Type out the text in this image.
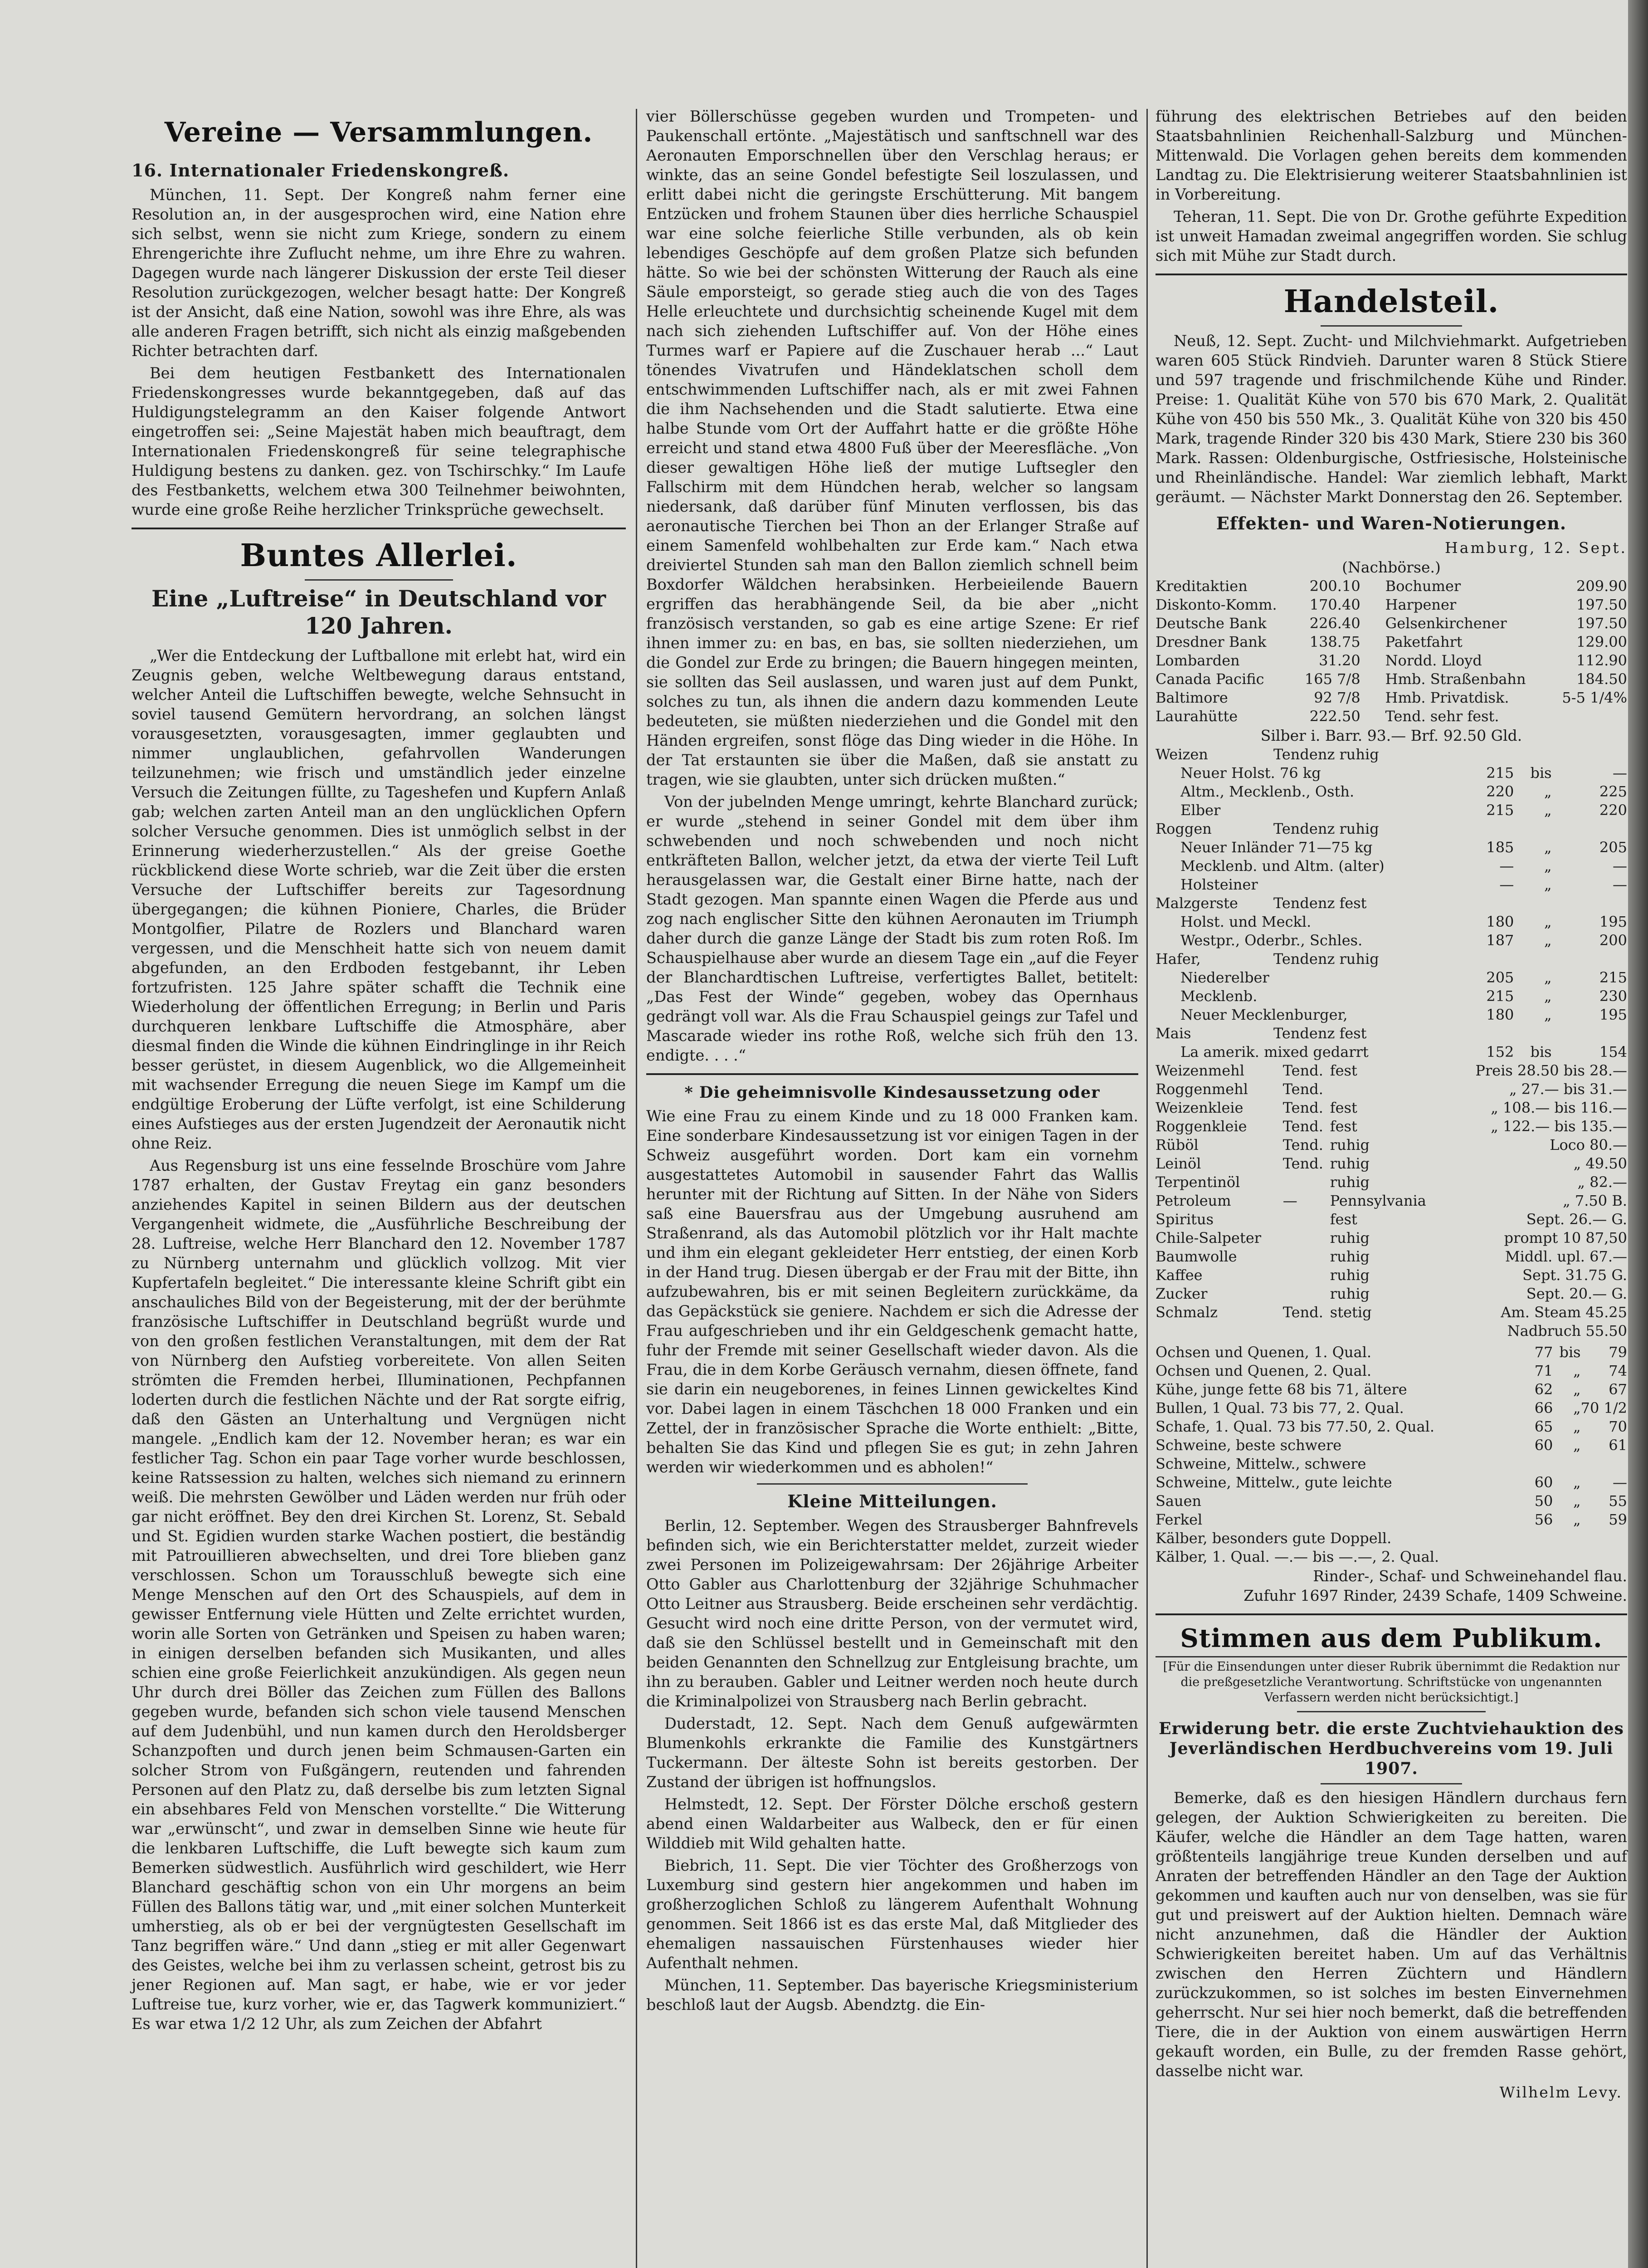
Vereine — Versammlungen.
16. Internationaler Friedenskongreß.

München, 11. Sept. Der Kongreß nahm ferner eine Resolution an, in der ausgesprochen wird, eine Nation ehre sich selbst, wenn sie nicht zum Kriege, sondern zu einem Ehrengerichte ihre Zuflucht nehme, um ihre Ehre zu wahren. Dagegen wurde nach längerer Diskussion der erste Teil dieser Resolution zurückgezogen, welcher besagt hatte: Der Kongreß ist der Ansicht, daß eine Nation, sowohl was ihre Ehre, als was alle anderen Fragen betrifft, sich nicht als einzig maßgebenden Richter betrachten darf.

Bei dem heutigen Festbankett des Internationalen Friedenskongresses wurde bekanntgegeben, daß auf das Huldigungstelegramm an den Kaiser folgende Antwort eingetroffen sei: „Seine Majestät haben mich beauftragt, dem Internationalen Friedenskongreß für seine telegraphische Huldigung bestens zu danken. gez. von Tschirschky.“ Im Laufe des Festbanketts, welchem etwa 300 Teilnehmer beiwohnten, wurde eine große Reihe herzlicher Trinksprüche gewechselt.

Buntes Allerlei.
Eine „Luftreise“ in Deutschland vor 120 Jahren.

„Wer die Entdeckung der Luftballone mit erlebt hat, wird ein Zeugnis geben, welche Weltbewegung daraus entstand, welcher Anteil die Luftschiffen bewegte, welche Sehnsucht in soviel tausend Gemütern hervordrang, an solchen längst vorausgesetzten, vorausgesagten, immer geglaubten und nimmer unglaublichen, gefahrvollen Wanderungen teilzunehmen; wie frisch und umständlich jeder einzelne Versuch die Zeitungen füllte, zu Tageshefen und Kupfern Anlaß gab; welchen zarten Anteil man an den unglücklichen Opfern solcher Versuche genommen. Dies ist unmöglich selbst in der Erinnerung wiederherzustellen.“ Als der greise Goethe rückblickend diese Worte schrieb, war die Zeit über die ersten Versuche der Luftschiffer bereits zur Tagesordnung übergegangen; die kühnen Pioniere, Charles, die Brüder Montgolfier, Pilatre de Rozlers und Blanchard waren vergessen, und die Menschheit hatte sich von neuem damit abgefunden, an den Erdboden festgebannt, ihr Leben fortzufristen. 125 Jahre später schafft die Technik eine Wiederholung der öffentlichen Erregung; in Berlin und Paris durchqueren lenkbare Luftschiffe die Atmosphäre, aber diesmal finden die Winde die kühnen Eindringlinge in ihr Reich besser gerüstet, in diesem Augenblick, wo die Allgemeinheit mit wachsender Erregung die neuen Siege im Kampf um die endgültige Eroberung der Lüfte verfolgt, ist eine Schilderung eines Aufstieges aus der ersten Jugendzeit der Aeronautik nicht ohne Reiz.

Aus Regensburg ist uns eine fesselnde Broschüre vom Jahre 1787 erhalten, der Gustav Freytag ein ganz besonders anziehendes Kapitel in seinen Bildern aus der deutschen Vergangenheit widmete, die „Ausführliche Beschreibung der 28. Luftreise, welche Herr Blanchard den 12. November 1787 zu Nürnberg unternahm und glücklich vollzog. Mit vier Kupfertafeln begleitet.“ Die interessante kleine Schrift gibt ein anschauliches Bild von der Begeisterung, mit der der berühmte französische Luftschiffer in Deutschland begrüßt wurde und von den großen festlichen Veranstaltungen, mit dem der Rat von Nürnberg den Aufstieg vorbereitete. Von allen Seiten strömten die Fremden herbei, Illuminationen, Pechpfannen loderten durch die festlichen Nächte und der Rat sorgte eifrig, daß den Gästen an Unterhaltung und Vergnügen nicht mangele. „Endlich kam der 12. November heran; es war ein festlicher Tag. Schon ein paar Tage vorher wurde beschlossen, keine Ratssession zu halten, welches sich niemand zu erinnern weiß. Die mehrsten Gewölber und Läden werden nur früh oder gar nicht eröffnet. Bey den drei Kirchen St. Lorenz, St. Sebald und St. Egidien wurden starke Wachen postiert, die beständig mit Patrouillieren abwechselten, und drei Tore blieben ganz verschlossen. Schon um Torausschluß bewegte sich eine Menge Menschen auf den Ort des Schauspiels, auf dem in gewisser Entfernung viele Hütten und Zelte errichtet wurden, worin alle Sorten von Getränken und Speisen zu haben waren; in einigen derselben befanden sich Musikanten, und alles schien eine große Feierlichkeit anzukündigen. Als gegen neun Uhr durch drei Böller das Zeichen zum Füllen des Ballons gegeben wurde, befanden sich schon viele tausend Menschen auf dem Judenbühl, und nun kamen durch den Heroldsberger Schanzpoften und durch jenen beim Schmausen-Garten ein solcher Strom von Fußgängern, reutenden und fahrenden Personen auf den Platz zu, daß derselbe bis zum letzten Signal ein absehbares Feld von Menschen vorstellte.“ Die Witterung war „erwünscht“, und zwar in demselben Sinne wie heute für die lenkbaren Luftschiffe, die Luft bewegte sich kaum zum Bemerken südwestlich. Ausführlich wird geschildert, wie Herr Blanchard geschäftig schon von ein Uhr morgens an beim Füllen des Ballons tätig war, und „mit einer solchen Munterkeit umherstieg, als ob er bei der vergnügtesten Gesellschaft im Tanz begriffen wäre.“ Und dann „stieg er mit aller Gegenwart des Geistes, welche bei ihm zu verlassen scheint, getrost bis zu jener Regionen auf. Man sagt, er habe, wie er vor jeder Luftreise tue, kurz vorher, wie er, das Tagwerk kommuniziert.“ Es war etwa 1/2 12 Uhr, als zum Zeichen der Abfahrt

vier Böllerschüsse gegeben wurden und Trompeten- und Paukenschall ertönte. „Majestätisch und sanftschnell war des Aeronauten Emporschnellen über den Verschlag heraus; er winkte, das an seine Gondel befestigte Seil loszulassen, und erlitt dabei nicht die geringste Erschütterung. Mit bangem Entzücken und frohem Staunen über dies herrliche Schauspiel war eine solche feierliche Stille verbunden, als ob kein lebendiges Geschöpfe auf dem großen Platze sich befunden hätte. So wie bei der schönsten Witterung der Rauch als eine Säule emporsteigt, so gerade stieg auch die von des Tages Helle erleuchtete und durchsichtig scheinende Kugel mit dem nach sich ziehenden Luftschiffer auf. Von der Höhe eines Turmes warf er Papiere auf die Zuschauer herab ...“ Laut tönendes Vivatrufen und Händeklatschen scholl dem entschwimmenden Luftschiffer nach, als er mit zwei Fahnen die ihm Nachsehenden und die Stadt salutierte. Etwa eine halbe Stunde vom Ort der Auffahrt hatte er die größte Höhe erreicht und stand etwa 4800 Fuß über der Meeresfläche. „Von dieser gewaltigen Höhe ließ der mutige Luftsegler den Fallschirm mit dem Hündchen herab, welcher so langsam niedersank, daß darüber fünf Minuten verflossen, bis das aeronautische Tierchen bei Thon an der Erlanger Straße auf einem Samenfeld wohlbehalten zur Erde kam.“ Nach etwa dreiviertel Stunden sah man den Ballon ziemlich schnell beim Boxdorfer Wäldchen herabsinken. Herbeieilende Bauern ergriffen das herabhängende Seil, da bie aber „nicht französisch verstanden, so gab es eine artige Szene: Er rief ihnen immer zu: en bas, en bas, sie sollten niederziehen, um die Gondel zur Erde zu bringen; die Bauern hingegen meinten, sie sollten das Seil auslassen, und waren just auf dem Punkt, solches zu tun, als ihnen die andern dazu kommenden Leute bedeuteten, sie müßten niederziehen und die Gondel mit den Händen ergreifen, sonst flöge das Ding wieder in die Höhe. In der Tat erstaunten sie über die Maßen, daß sie anstatt zu tragen, wie sie glaubten, unter sich drücken mußten.“

Von der jubelnden Menge umringt, kehrte Blanchard zurück; er wurde „stehend in seiner Gondel mit dem über ihm schwebenden und noch schwebenden und noch nicht entkräfteten Ballon, welcher jetzt, da etwa der vierte Teil Luft herausgelassen war, die Gestalt einer Birne hatte, nach der Stadt gezogen. Man spannte einen Wagen die Pferde aus und zog nach englischer Sitte den kühnen Aeronauten im Triumph daher durch die ganze Länge der Stadt bis zum roten Roß. Im Schauspielhause aber wurde an diesem Tage ein „auf die Feyer der Blanchardtischen Luftreise, verfertigtes Ballet, betitelt: „Das Fest der Winde“ gegeben, wobey das Opernhaus gedrängt voll war. Als die Frau Schauspiel geings zur Tafel und Mascarade wieder ins rothe Roß, welche sich früh den 13. endigte. . . .“

* Die geheimnisvolle Kindesaussetzung oder

Wie eine Frau zu einem Kinde und zu 18 000 Franken kam. Eine sonderbare Kindesaussetzung ist vor einigen Tagen in der Schweiz ausgeführt worden. Dort kam ein vornehm ausgestattetes Automobil in sausender Fahrt das Wallis herunter mit der Richtung auf Sitten. In der Nähe von Siders saß eine Bauersfrau aus der Umgebung ausruhend am Straßenrand, als das Automobil plötzlich vor ihr Halt machte und ihm ein elegant gekleideter Herr entstieg, der einen Korb in der Hand trug. Diesen übergab er der Frau mit der Bitte, ihn aufzubewahren, bis er mit seinen Begleitern zurückkäme, da das Gepäckstück sie geniere. Nachdem er sich die Adresse der Frau aufgeschrieben und ihr ein Geldgeschenk gemacht hatte, fuhr der Fremde mit seiner Gesellschaft wieder davon. Als die Frau, die in dem Korbe Geräusch vernahm, diesen öffnete, fand sie darin ein neugeborenes, in feines Linnen gewickeltes Kind vor. Dabei lagen in einem Täschchen 18 000 Franken und ein Zettel, der in französischer Sprache die Worte enthielt: „Bitte, behalten Sie das Kind und pflegen Sie es gut; in zehn Jahren werden wir wiederkommen und es abholen!“

Kleine Mitteilungen.

Berlin, 12. September. Wegen des Strausberger Bahnfrevels befinden sich, wie ein Berichterstatter meldet, zurzeit wieder zwei Personen im Polizeigewahrsam: Der 26jährige Arbeiter Otto Gabler aus Charlottenburg der 32jährige Schuhmacher Otto Leitner aus Strausberg. Beide erscheinen sehr verdächtig. Gesucht wird noch eine dritte Person, von der vermutet wird, daß sie den Schlüssel bestellt und in Gemeinschaft mit den beiden Genannten den Schnellzug zur Entgleisung brachte, um ihn zu berauben. Gabler und Leitner werden noch heute durch die Kriminalpolizei von Strausberg nach Berlin gebracht.

Duderstadt, 12. Sept. Nach dem Genuß aufgewärmten Blumenkohls erkrankte die Familie des Kunstgärtners Tuckermann. Der älteste Sohn ist bereits gestorben. Der Zustand der übrigen ist hoffnungslos.

Helmstedt, 12. Sept. Der Förster Dölche erschoß gestern abend einen Waldarbeiter aus Walbeck, den er für einen Wilddieb mit Wild gehalten hatte.

Biebrich, 11. Sept. Die vier Töchter des Großherzogs von Luxemburg sind gestern hier angekommen und haben im großherzoglichen Schloß zu längerem Aufenthalt Wohnung genommen. Seit 1866 ist es das erste Mal, daß Mitglieder des ehemaligen nassauischen Fürstenhauses wieder hier Aufenthalt nehmen.

München, 11. September. Das bayerische Kriegsministerium beschloß laut der Augsb. Abendztg. die Ein-

führung des elektrischen Betriebes auf den beiden Staatsbahnlinien Reichenhall-Salzburg und München-Mittenwald. Die Vorlagen gehen bereits dem kommenden Landtag zu. Die Elektrisierung weiterer Staatsbahnlinien ist in Vorbereitung.

Teheran, 11. Sept. Die von Dr. Grothe geführte Expedition ist unweit Hamadan zweimal angegriffen worden. Sie schlug sich mit Mühe zur Stadt durch.

Handelsteil.

Neuß, 12. Sept. Zucht- und Milchviehmarkt. Aufgetrieben waren 605 Stück Rindvieh. Darunter waren 8 Stück Stiere und 597 tragende und frischmilchende Kühe und Rinder. Preise: 1. Qualität Kühe von 570 bis 670 Mark, 2. Qualität Kühe von 450 bis 550 Mk., 3. Qualität Kühe von 320 bis 450 Mark, tragende Rinder 320 bis 430 Mark, Stiere 230 bis 360 Mark. Rassen: Oldenburgische, Ostfriesische, Holsteinische und Rheinländische. Handel: War ziemlich lebhaft, Markt geräumt. — Nächster Markt Donnerstag den 26. September.

Effekten- und Waren-Notierungen.
Hamburg, 12. Sept.
(Nachbörse.)
Kreditaktien	200.10	Bochumer	209.90
Diskonto-Komm.	170.40	Harpener	197.50
Deutsche Bank	226.40	Gelsenkirchener	197.50
Dresdner Bank	138.75	Paketfahrt	129.00
Lombarden	31.20	Nordd. Lloyd	112.90
Canada Pacific	165 7/8	Hmb. Straßenbahn	184.50
Baltimore	92 7/8	Hmb. Privatdisk.	5-5 1/4%
Laurahütte	222.50	Tend. sehr fest.	
Silber i. Barr. 93.— Brf. 92.50 Gld.
Weizen Tendenz ruhig			
Neuer Holst. 76 kg	215	bis	—
Altm., Mecklenb., Osth.	220	„	225
Elber	215	„	220
Roggen Tendenz ruhig			
Neuer Inländer 71—75 kg	185	„	205
Mecklenb. und Altm. (alter)	—	„	—
Holsteiner	—	„	—
Malzgerste Tendenz fest			
Holst. und Meckl.	180	„	195
Westpr., Oderbr., Schles.	187	„	200
Hafer, Tendenz ruhig			
Niederelber	205	„	215
Mecklenb.	215	„	230
Neuer Mecklenburger,	180	„	195
Mais Tendenz fest			
La amerik. mixed gedarrt	152	bis	154
Weizenmehl	Tend.	fest	Preis 28.50 bis 28.—
Roggenmehl	Tend.		„ 27.— bis 31.—
Weizenkleie	Tend.	fest	„ 108.— bis 116.—
Roggenkleie	Tend.	fest	„ 122.— bis 135.—
Rüböl	Tend.	ruhig	Loco 80.—
Leinöl	Tend.	ruhig	„ 49.50
Terpentinöl		ruhig	„ 82.—
Petroleum	—	Pennsylvania	„ 7.50 B.
Spiritus		fest	Sept. 26.— G.
Chile-Salpeter		ruhig	prompt 10 87,50
Baumwolle		ruhig	Middl. upl. 67.—
Kaffee		ruhig	Sept. 31.75 G.
Zucker		ruhig	Sept. 20.— G.
Schmalz	Tend.	stetig	Am. Steam 45.25
			Nadbruch 55.50
Ochsen und Quenen, 1. Qual.	77	bis	79
Ochsen und Quenen, 2. Qual.	71	„	74
Kühe, junge fette 68 bis 71, ältere	62	„	67
Bullen, 1 Qual. 73 bis 77, 2. Qual.	66	„	70 1/2
Schafe, 1. Qual. 73 bis 77.50, 2. Qual.	65	„	70
Schweine, beste schwere	60	„	61
Schweine, Mittelw., schwere			
Schweine, Mittelw., gute leichte	60	„	—
Sauen	50	„	55
Ferkel	56	„	59
Kälber, besonders gute Doppell.			
Kälber, 1. Qual. —.— bis —.—, 2. Qual.			
Rinder-, Schaf- und Schweinehandel flau.
Zufuhr 1697 Rinder, 2439 Schafe, 1409 Schweine.
Stimmen aus dem Publikum.
[Für die Einsendungen unter dieser Rubrik übernimmt die Redaktion nur die preßgesetzliche Verantwortung. Schriftstücke von ungenannten Verfassern werden nicht berücksichtigt.]
Erwiderung betr. die erste Zuchtviehauktion des Jeverländischen Herdbuchvereins vom 19. Juli 1907.

Bemerke, daß es den hiesigen Händlern durchaus fern gelegen, der Auktion Schwierigkeiten zu bereiten. Die Käufer, welche die Händler an dem Tage hatten, waren größtenteils langjährige treue Kunden derselben und auf Anraten der betreffenden Händler an den Tage der Auktion gekommen und kauften auch nur von denselben, was sie für gut und preiswert auf der Auktion hielten. Demnach wäre nicht anzunehmen, daß die Händler der Auktion Schwierigkeiten bereitet haben. Um auf das Verhältnis zwischen den Herren Züchtern und Händlern zurückzukommen, so ist solches im besten Einvernehmen geherrscht. Nur sei hier noch bemerkt, daß die betreffenden Tiere, die in der Auktion von einem auswärtigen Herrn gekauft worden, ein Bulle, zu der fremden Rasse gehört, dasselbe nicht war.

Wilhelm Levy.
